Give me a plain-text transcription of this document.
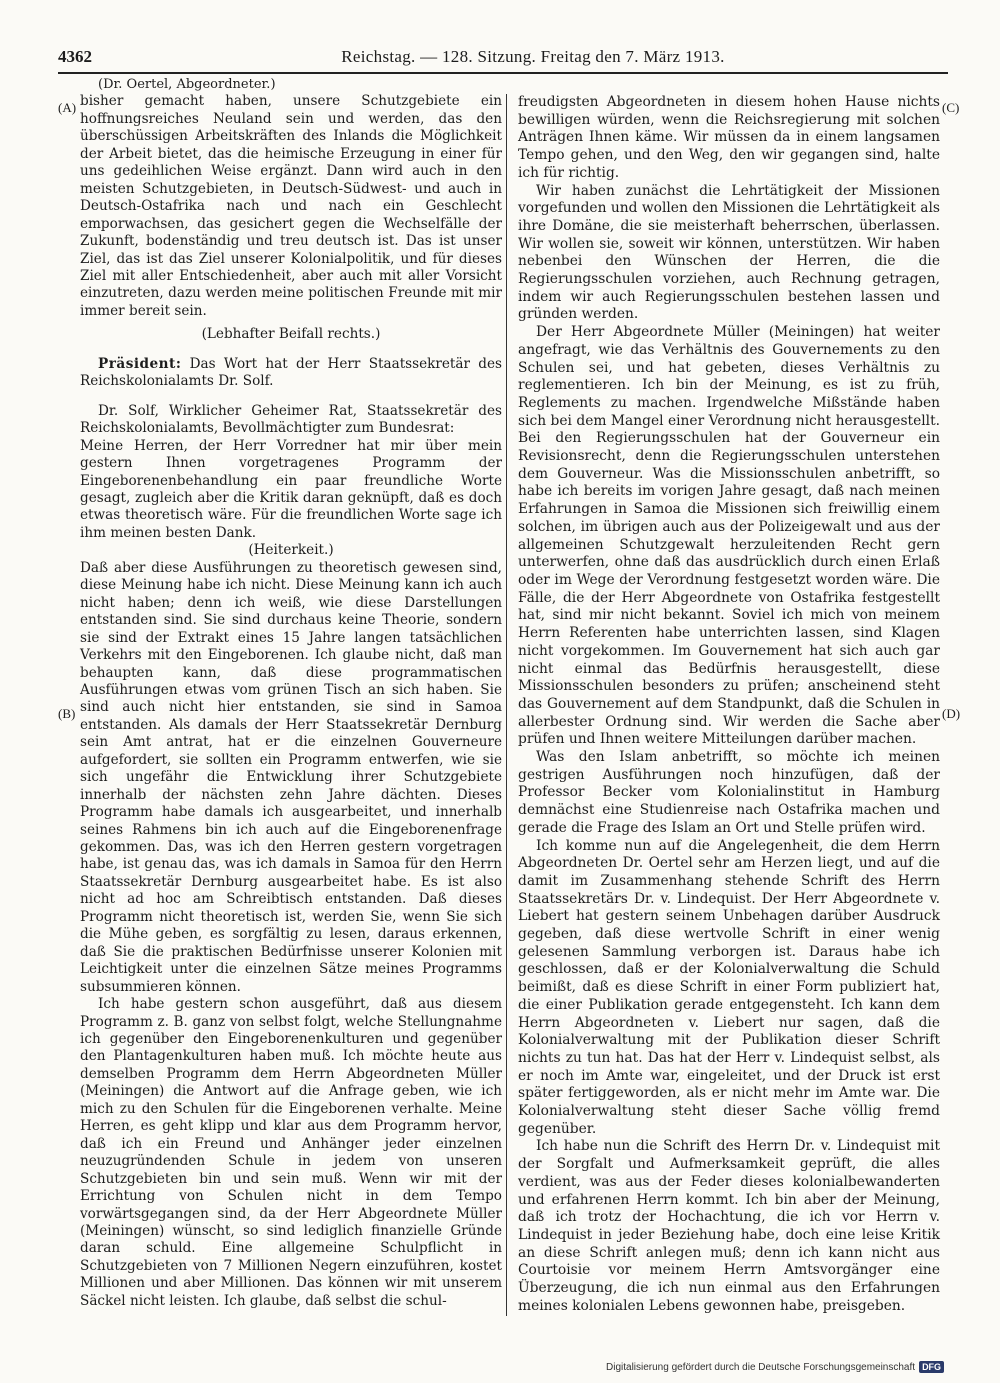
4362	Reichstag. — 128. Sitzung. Freitag den 7. März 1913.
(A)
(B)
(C)
(D)

(Dr. Oertel, Abgeordneter.)

bisher gemacht haben, unsere Schutzgebiete ein hoffnungsreiches Neuland sein und werden, das den überschüssigen Arbeitskräften des Inlands die Möglichkeit der Arbeit bietet, das die heimische Erzeugung in einer für uns gedeihlichen Weise ergänzt. Dann wird auch in den meisten Schutzgebieten, in Deutsch-Südwest- und auch in Deutsch-Ostafrika nach und nach ein Geschlecht emporwachsen, das gesichert gegen die Wechselfälle der Zukunft, bodenständig und treu deutsch ist. Das ist unser Ziel, das ist das Ziel unserer Kolonialpolitik, und für dieses Ziel mit aller Entschiedenheit, aber auch mit aller Vorsicht einzutreten, dazu werden meine politischen Freunde mit mir immer bereit sein.

(Lebhafter Beifall rechts.)

Präsident: Das Wort hat der Herr Staatssekretär des Reichskolonialamts Dr. Solf.

Dr. Solf, Wirklicher Geheimer Rat, Staatssekretär des Reichskolonialamts, Bevollmächtigter zum Bundesrat:

Meine Herren, der Herr Vorredner hat mir über mein gestern Ihnen vorgetragenes Programm der Eingeborenenbehandlung ein paar freundliche Worte gesagt, zugleich aber die Kritik daran geknüpft, daß es doch etwas theoretisch wäre. Für die freundlichen Worte sage ich ihm meinen besten Dank.

(Heiterkeit.)

Daß aber diese Ausführungen zu theoretisch gewesen sind, diese Meinung habe ich nicht. Diese Meinung kann ich auch nicht haben; denn ich weiß, wie diese Darstellungen entstanden sind. Sie sind durchaus keine Theorie, sondern sie sind der Extrakt eines 15 Jahre langen tatsächlichen Verkehrs mit den Eingeborenen. Ich glaube nicht, daß man behaupten kann, daß diese programmatischen Ausführungen etwas vom grünen Tisch an sich haben. Sie sind auch nicht hier entstanden, sie sind in Samoa entstanden. Als damals der Herr Staatssekretär Dernburg sein Amt antrat, hat er die einzelnen Gouverneure aufgefordert, sie sollten ein Programm entwerfen, wie sie sich ungefähr die Entwicklung ihrer Schutzgebiete innerhalb der nächsten zehn Jahre dächten. Dieses Programm habe damals ich ausgearbeitet, und innerhalb seines Rahmens bin ich auch auf die Eingeborenenfrage gekommen. Das, was ich den Herren gestern vorgetragen habe, ist genau das, was ich damals in Samoa für den Herrn Staatssekretär Dernburg ausgearbeitet habe. Es ist also nicht ad hoc am Schreibtisch entstanden. Daß dieses Programm nicht theoretisch ist, werden Sie, wenn Sie sich die Mühe geben, es sorgfältig zu lesen, daraus erkennen, daß Sie die praktischen Bedürfnisse unserer Kolonien mit Leichtigkeit unter die einzelnen Sätze meines Programms subsummieren können.

Ich habe gestern schon ausgeführt, daß aus diesem Programm z. B. ganz von selbst folgt, welche Stellungnahme ich gegenüber den Eingeborenenkulturen und gegenüber den Plantagenkulturen haben muß. Ich möchte heute aus demselben Programm dem Herrn Abgeordneten Müller (Meiningen) die Antwort auf die Anfrage geben, wie ich mich zu den Schulen für die Eingeborenen verhalte. Meine Herren, es geht klipp und klar aus dem Programm hervor, daß ich ein Freund und Anhänger jeder einzelnen neuzugründenden Schule in jedem von unseren Schutzgebieten bin und sein muß. Wenn wir mit der Errichtung von Schulen nicht in dem Tempo vorwärtsgegangen sind, da der Herr Abgeordnete Müller (Meiningen) wünscht, so sind lediglich finanzielle Gründe daran schuld. Eine allgemeine Schulpflicht in Schutzgebieten von 7 Millionen Negern einzuführen, kostet Millionen und aber Millionen. Das können wir mit unserem Säckel nicht leisten. Ich glaube, daß selbst die schul-

freudigsten Abgeordneten in diesem hohen Hause nichts bewilligen würden, wenn die Reichsregierung mit solchen Anträgen Ihnen käme. Wir müssen da in einem langsamen Tempo gehen, und den Weg, den wir gegangen sind, halte ich für richtig.

Wir haben zunächst die Lehrtätigkeit der Missionen vorgefunden und wollen den Missionen die Lehrtätigkeit als ihre Domäne, die sie meisterhaft beherrschen, überlassen. Wir wollen sie, soweit wir können, unterstützen. Wir haben nebenbei den Wünschen der Herren, die die Regierungsschulen vorziehen, auch Rechnung getragen, indem wir auch Regierungsschulen bestehen lassen und gründen werden.

Der Herr Abgeordnete Müller (Meiningen) hat weiter angefragt, wie das Verhältnis des Gouvernements zu den Schulen sei, und hat gebeten, dieses Verhältnis zu reglementieren. Ich bin der Meinung, es ist zu früh, Reglements zu machen. Irgendwelche Mißstände haben sich bei dem Mangel einer Verordnung nicht herausgestellt. Bei den Regierungsschulen hat der Gouverneur ein Revisionsrecht, denn die Regierungsschulen unterstehen dem Gouverneur. Was die Missionsschulen anbetrifft, so habe ich bereits im vorigen Jahre gesagt, daß nach meinen Erfahrungen in Samoa die Missionen sich freiwillig einem solchen, im übrigen auch aus der Polizeigewalt und aus der allgemeinen Schutzgewalt herzuleitenden Recht gern unterwerfen, ohne daß das ausdrücklich durch einen Erlaß oder im Wege der Verordnung festgesetzt worden wäre. Die Fälle, die der Herr Abgeordnete von Ostafrika festgestellt hat, sind mir nicht bekannt. Soviel ich mich von meinem Herrn Referenten habe unterrichten lassen, sind Klagen nicht vorgekommen. Im Gouvernement hat sich auch gar nicht einmal das Bedürfnis herausgestellt, diese Missionsschulen besonders zu prüfen; anscheinend steht das Gouvernement auf dem Standpunkt, daß die Schulen in allerbester Ordnung sind. Wir werden die Sache aber prüfen und Ihnen weitere Mitteilungen darüber machen.

Was den Islam anbetrifft, so möchte ich meinen gestrigen Ausführungen noch hinzufügen, daß der Professor Becker vom Kolonialinstitut in Hamburg demnächst eine Studienreise nach Ostafrika machen und gerade die Frage des Islam an Ort und Stelle prüfen wird.

Ich komme nun auf die Angelegenheit, die dem Herrn Abgeordneten Dr. Oertel sehr am Herzen liegt, und auf die damit im Zusammenhang stehende Schrift des Herrn Staatssekretärs Dr. v. Lindequist. Der Herr Abgeordnete v. Liebert hat gestern seinem Unbehagen darüber Ausdruck gegeben, daß diese wertvolle Schrift in einer wenig gelesenen Sammlung verborgen ist. Daraus habe ich geschlossen, daß er der Kolonialverwaltung die Schuld beimißt, daß es diese Schrift in einer Form publiziert hat, die einer Publikation gerade entgegensteht. Ich kann dem Herrn Abgeordneten v. Liebert nur sagen, daß die Kolonialverwaltung mit der Publikation dieser Schrift nichts zu tun hat. Das hat der Herr v. Lindequist selbst, als er noch im Amte war, eingeleitet, und der Druck ist erst später fertiggeworden, als er nicht mehr im Amte war. Die Kolonialverwaltung steht dieser Sache völlig fremd gegenüber.

Ich habe nun die Schrift des Herrn Dr. v. Lindequist mit der Sorgfalt und Aufmerksamkeit geprüft, die alles verdient, was aus der Feder dieses kolonialbewanderten und erfahrenen Herrn kommt. Ich bin aber der Meinung, daß ich trotz der Hochachtung, die ich vor Herrn v. Lindequist in jeder Beziehung habe, doch eine leise Kritik an diese Schrift anlegen muß; denn ich kann nicht aus Courtoisie vor meinem Herrn Amtsvorgänger eine Überzeugung, die ich nun einmal aus den Erfahrungen meines kolonialen Lebens gewonnen habe, preisgeben.

Digitalisierung gefördert durch die Deutsche Forschungsgemeinschaft DFG
